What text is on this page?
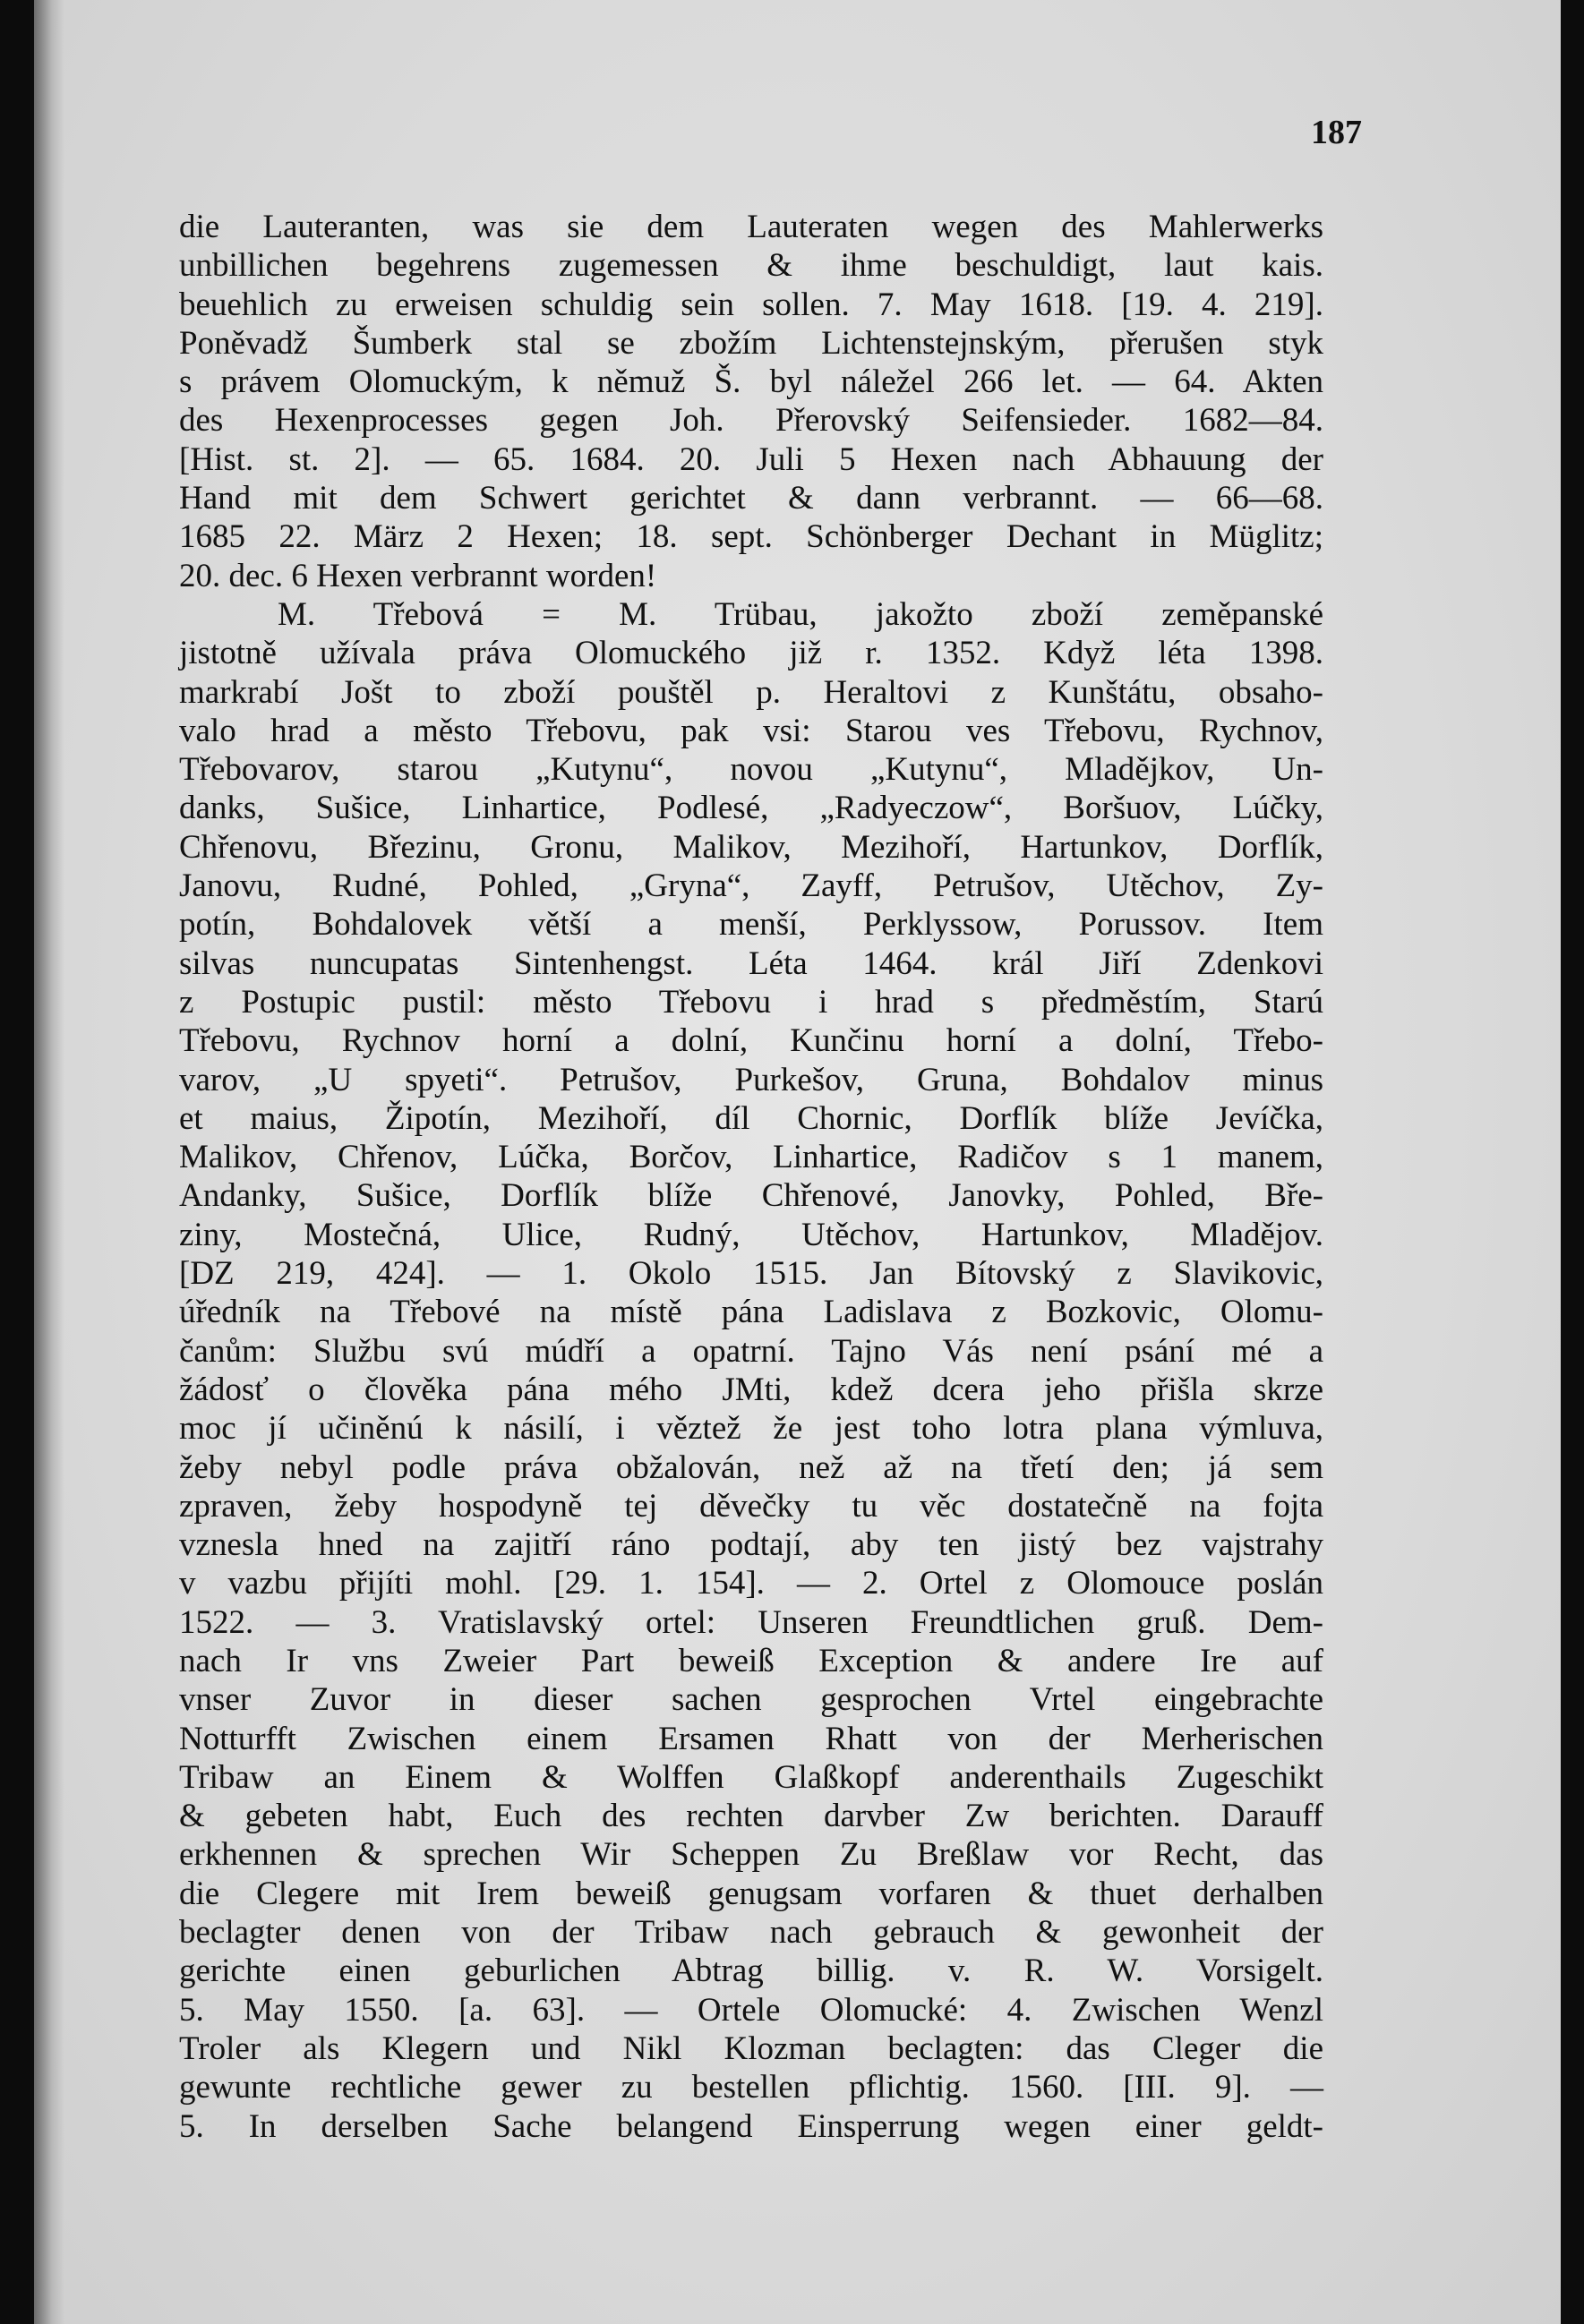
187
die Lauteranten, was sie dem Lauteraten wegen des Mahlerwerks
unbillichen begehrens zugemessen & ihme beschuldigt, laut kais.
beuehlich zu erweisen schuldig sein sollen. 7. May 1618. [19. 4. 219].
Poněvadž Šumberk stal se zbožím Lichtenstejnským, přerušen styk
s právem Olomuckým, k němuž Š. byl náležel 266 let. — 64. Akten
des Hexenprocesses gegen Joh. Přerovský Seifensieder. 1682—84.
[Hist. st. 2]. — 65. 1684. 20. Juli 5 Hexen nach Abhauung der
Hand mit dem Schwert gerichtet & dann verbrannt. — 66—68.
1685 22. März 2 Hexen; 18. sept. Schönberger Dechant in Müglitz;
20. dec. 6 Hexen verbrannt worden!
M. Třebová = M. Trübau, jakožto zboží zeměpanské
jistotně užívala práva Olomuckého již r. 1352. Když léta 1398.
markrabí Jošt to zboží pouštěl p. Heraltovi z Kunštátu, obsaho-
valo hrad a město Třebovu, pak vsi: Starou ves Třebovu, Rychnov,
Třebovarov, starou „Kutynu“, novou „Kutynu“, Mladějkov, Un-
danks, Sušice, Linhartice, Podlesé, „Radyeczow“, Boršuov, Lúčky,
Chřenovu, Březinu, Gronu, Malikov, Mezihoří, Hartunkov, Dorflík,
Janovu, Rudné, Pohled, „Gryna“, Zayff, Petrušov, Utěchov, Zy-
potín, Bohdalovek větší a menší, Perklyssow, Porussov. Item
silvas nuncupatas Sintenhengst. Léta 1464. král Jiří Zdenkovi
z Postupic pustil: město Třebovu i hrad s předměstím, Starú
Třebovu, Rychnov horní a dolní, Kunčinu horní a dolní, Třebo-
varov, „U spyeti“. Petrušov, Purkešov, Gruna, Bohdalov minus
et maius, Žipotín, Mezihoří, díl Chornic, Dorflík blíže Jevíčka,
Malikov, Chřenov, Lúčka, Borčov, Linhartice, Radičov s 1 manem,
Andanky, Sušice, Dorflík blíže Chřenové, Janovky, Pohled, Bře-
ziny, Mostečná, Ulice, Rudný, Utěchov, Hartunkov, Mladějov.
[DZ 219, 424]. — 1. Okolo 1515. Jan Bítovský z Slavikovic,
úředník na Třebové na místě pána Ladislava z Bozkovic, Olomu-
čanům: Službu svú múdří a opatrní. Tajno Vás není psání mé a
žádosť o člověka pána mého JMti, kdež dcera jeho přišla skrze
moc jí učiněnú k násilí, i věztež že jest toho lotra plana výmluva,
žeby nebyl podle práva obžalován, než až na třetí den; já sem
zpraven, žeby hospodyně tej děvečky tu věc dostatečně na fojta
vznesla hned na zajitří ráno podtají, aby ten jistý bez vajstrahy
v vazbu přijíti mohl. [29. 1. 154]. — 2. Ortel z Olomouce poslán
1522. — 3. Vratislavský ortel: Unseren Freundtlichen gruß. Dem-
nach Ir vns Zweier Part beweiß Exception & andere Ire auf
vnser Zuvor in dieser sachen gesprochen Vrtel eingebrachte
Notturfft Zwischen einem Ersamen Rhatt von der Merherischen
Tribaw an Einem & Wolffen Glaßkopf anderenthails Zugeschikt
& gebeten habt, Euch des rechten darvber Zw berichten. Darauff
erkhennen & sprechen Wir Scheppen Zu Breßlaw vor Recht, das
die Clegere mit Irem beweiß genugsam vorfaren & thuet derhalben
beclagter denen von der Tribaw nach gebrauch & gewonheit der
gerichte einen geburlichen Abtrag billig. v. R. W. Vorsigelt.
5. May 1550. [a. 63]. — Ortele Olomucké: 4. Zwischen Wenzl
Troler als Klegern und Nikl Klozman beclagten: das Cleger die
gewunte rechtliche gewer zu bestellen pflichtig. 1560. [III. 9]. —
5. In derselben Sache belangend Einsperrung wegen einer geldt-
